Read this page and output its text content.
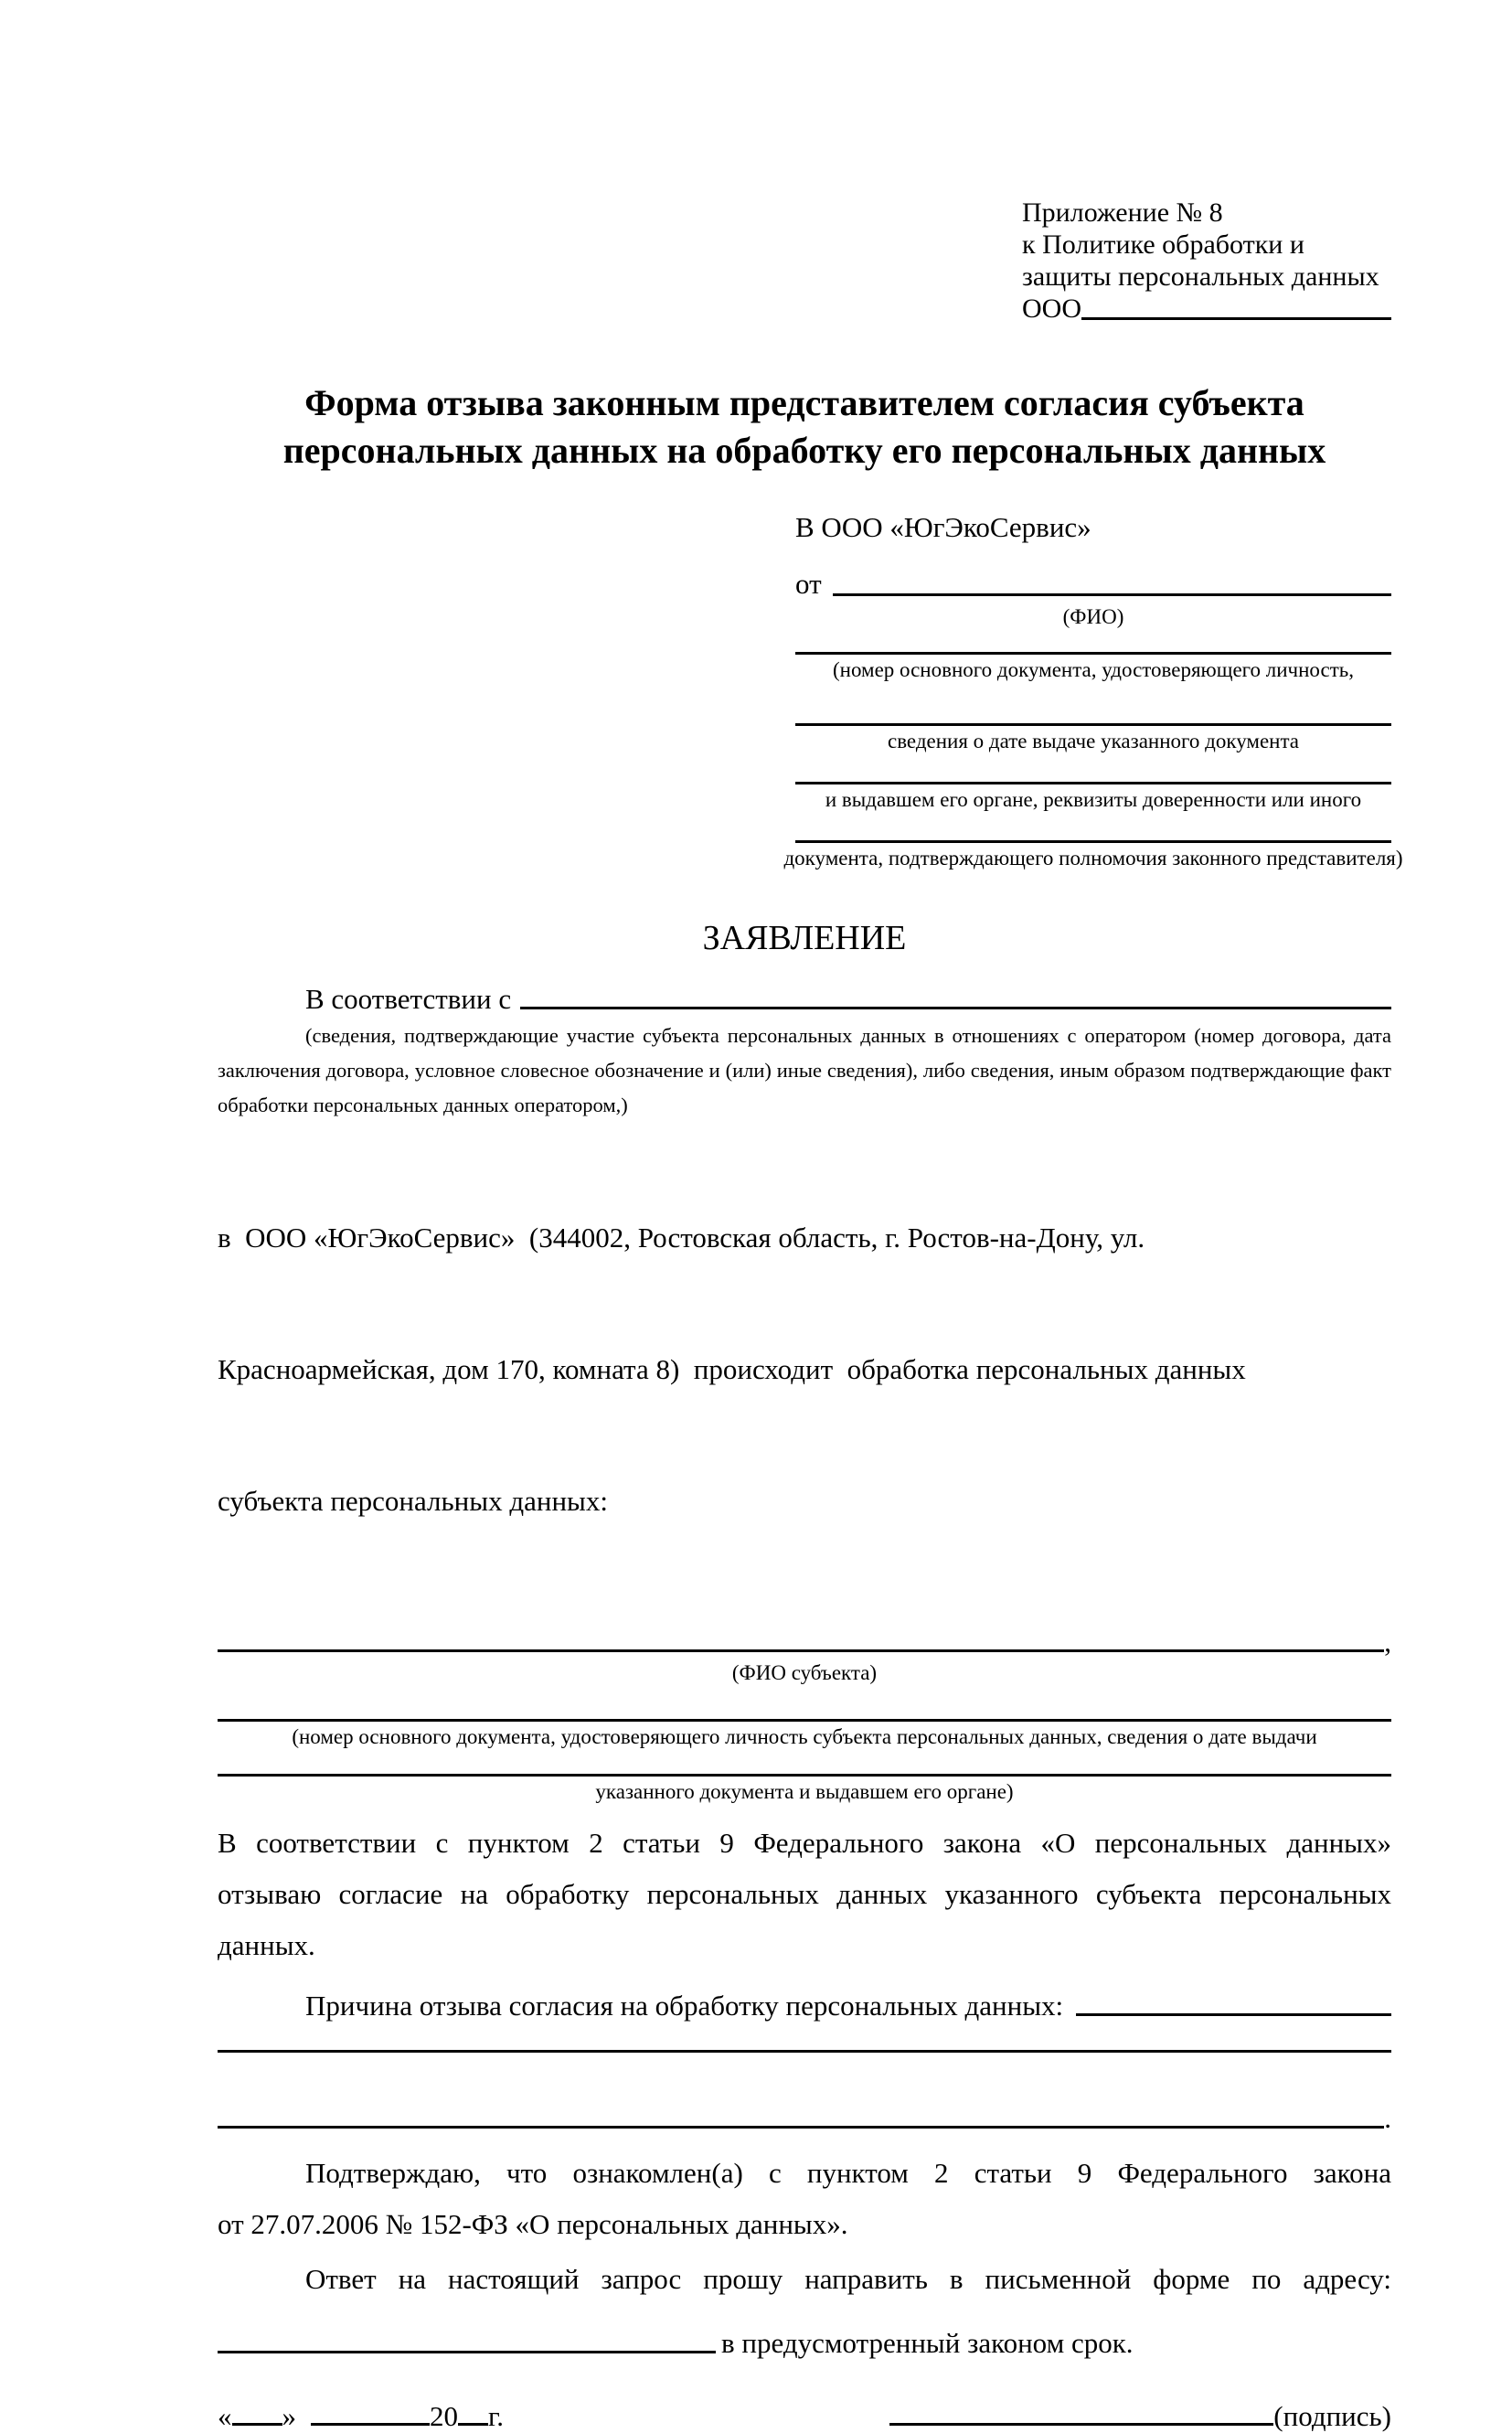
Приложение № 8
к Политике обработки и
защиты персональных данных
ООО
Форма отзыва законным представителем согласия субъекта
персональных данных на обработку его персональных данных
В ООО «ЮгЭкоСервис»
от
(ФИО)
(номер основного документа, удостоверяющего личность,
сведения о дате выдаче указанного документа
и выдавшем его органе, реквизиты доверенности или иного
документа, подтверждающего полномочия законного представителя)
ЗАЯВЛЕНИЕ
В соответствии с
(сведения, подтверждающие участие субъекта персональных данных в отношениях с оператором (номер договора, дата
заключения договора, условное словесное обозначение и (или) иные сведения), либо сведения, иным образом подтверждающие факт
обработки персональных данных оператором,)

в  ООО «ЮгЭкоСервис»  (344002, Ростовская область, г. Ростов-на-Дону, ул.

Красноармейская, дом 170, комната 8)  происходит  обработка персональных данных

субъекта персональных данных:

,
(ФИО субъекта)
(номер основного документа, удостоверяющего личность субъекта персональных данных, сведения о дате выдачи
указанного документа и выдавшем его органе)
В соответствии с пунктом 2 статьи 9 Федерального закона «О персональных данных»
отзываю согласие на обработку персональных данных указанного субъекта персональных
данных.
Причина отзыва согласия на обработку персональных данных:
.
Подтверждаю, что ознакомлен(а) с пунктом 2 статьи 9 Федерального закона
от 27.07.2006 № 152-ФЗ «О персональных данных».
Ответ на настоящий запрос прошу направить в письменной форме по адресу:
в предусмотренный законом срок.
« »	20 г.	(подпись)
